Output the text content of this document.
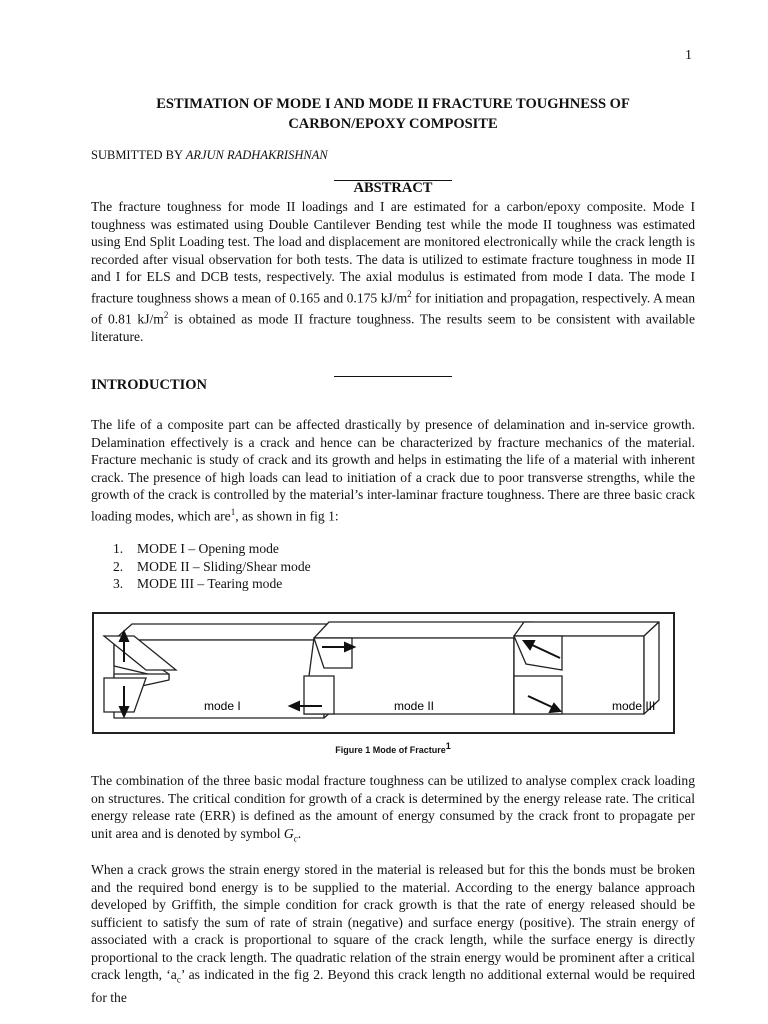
1
ESTIMATION OF MODE I AND MODE II FRACTURE TOUGHNESS OF
CARBON/EPOXY COMPOSITE
SUBMITTED BY ARJUN RADHAKRISHNAN
ABSTRACT
The fracture toughness for mode II loadings and I are estimated for a carbon/epoxy composite. Mode I toughness was estimated using Double Cantilever Bending test while the mode II toughness was estimated using End Split Loading test. The load and displacement are monitored electronically while the crack length is recorded after visual observation for both tests. The data is utilized to estimate fracture toughness in mode II and I for ELS and DCB tests, respectively. The axial modulus is estimated from mode I data. The mode I fracture toughness shows a mean of 0.165 and 0.175 $kJ/m^2$ for initiation and propagation, respectively. A mean of 0.81 $kJ/m^2$ is obtained as mode II fracture toughness. The results seem to be consistent with available literature.
INTRODUCTION
The life of a composite part can be affected drastically by presence of delamination and in-service growth. Delamination effectively is a crack and hence can be characterized by fracture mechanics of the material. Fracture mechanic is study of crack and its growth and helps in estimating the life of a material with inherent crack. The presence of high loads can lead to initiation of a crack due to poor transverse strengths, while the growth of the crack is controlled by the material’s inter-laminar fracture toughness. There are three basic crack loading modes, which are$^1$, as shown in fig 1:
1. MODE I – Opening mode
2. MODE II – Sliding/Shear mode
3. MODE III – Tearing mode
mode I	mode II	mode III
Figure 1 Mode of Fracture$^1$
The combination of the three basic modal fracture toughness can be utilized to analyse complex crack loading on structures. The critical condition for growth of a crack is determined by the energy release rate. The critical energy release rate (ERR) is defined as the amount of energy consumed by the crack front to propagate per unit area and is denoted by symbol $G_c$.
When a crack grows the strain energy stored in the material is released but for this the bonds must be broken and the required bond energy is to be supplied to the material. According to the energy balance approach developed by Griffith, the simple condition for crack growth is that the rate of energy released should be sufficient to satisfy the sum of rate of strain (negative) and surface energy (positive). The strain energy of associated with a crack is proportional to square of the crack length, while the surface energy is directly proportional to the crack length. The quadratic relation of the strain energy would be prominent after a critical crack length, ‘$a_c$’ as indicated in the fig 2. Beyond this crack length no additional external would be required for the
